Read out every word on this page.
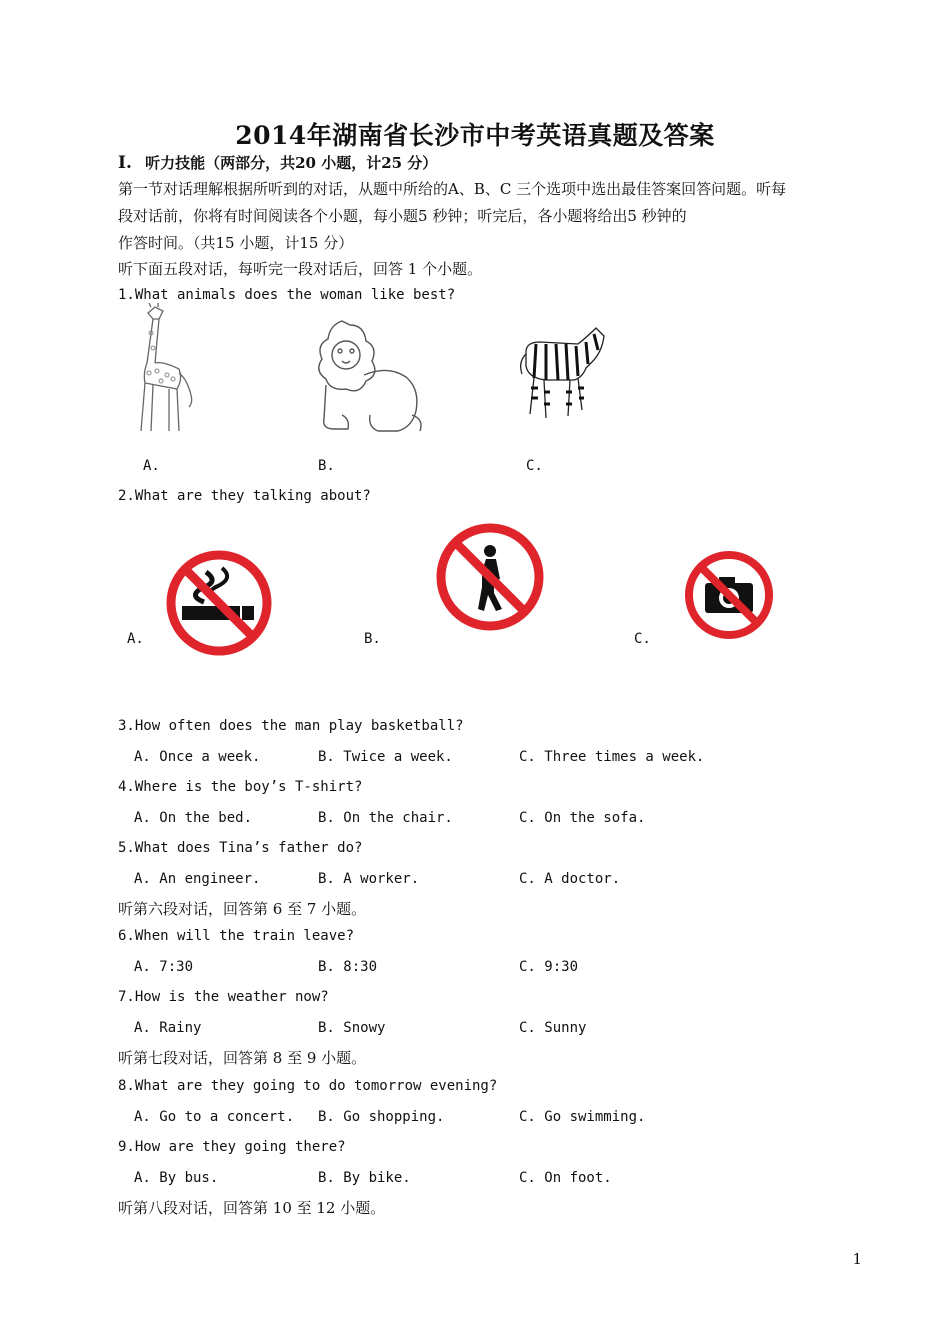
2014年湖南省长沙市中考英语真题及答案
Ⅰ. 听力技能（两部分，共20 小题，计25 分）
第一节对话理解根据所听到的对话，从题中所给的A、B、C 三个选项中选出最佳答案回答问题。听每
段对话前，你将有时间阅读各个小题，每小题5 秒钟；听完后，各小题将给出5 秒钟的
作答时间。（共15 小题，计15 分）
听下面五段对话，每听完一段对话后，回答 1 个小题。
1.What animals does the woman like best?
A.	B.	C.
2.What are they talking about?
A.	B.	C.
3.How often does the man play basketball?
A. Once a week.	B. Twice a week.	C. Three times a week.
4.Where is the boy’s T-shirt?
A. On the bed.	B. On the chair.	C. On the sofa.
5.What does Tina’s father do?
A. An engineer.	B. A worker.	C. A doctor.
听第六段对话，回答第 6 至 7 小题。
6.When will the train leave?
A. 7:30	B. 8:30	C. 9:30
7.How is the weather now?
A. Rainy	B. Snowy	C. Sunny
听第七段对话，回答第 8 至 9 小题。
8.What are they going to do tomorrow evening?
A. Go to a concert. B. Go shopping.	C. Go swimming.
9.How are they going there?
A. By bus.	B. By bike.	C. On foot.
听第八段对话，回答第 10 至 12 小题。
1
